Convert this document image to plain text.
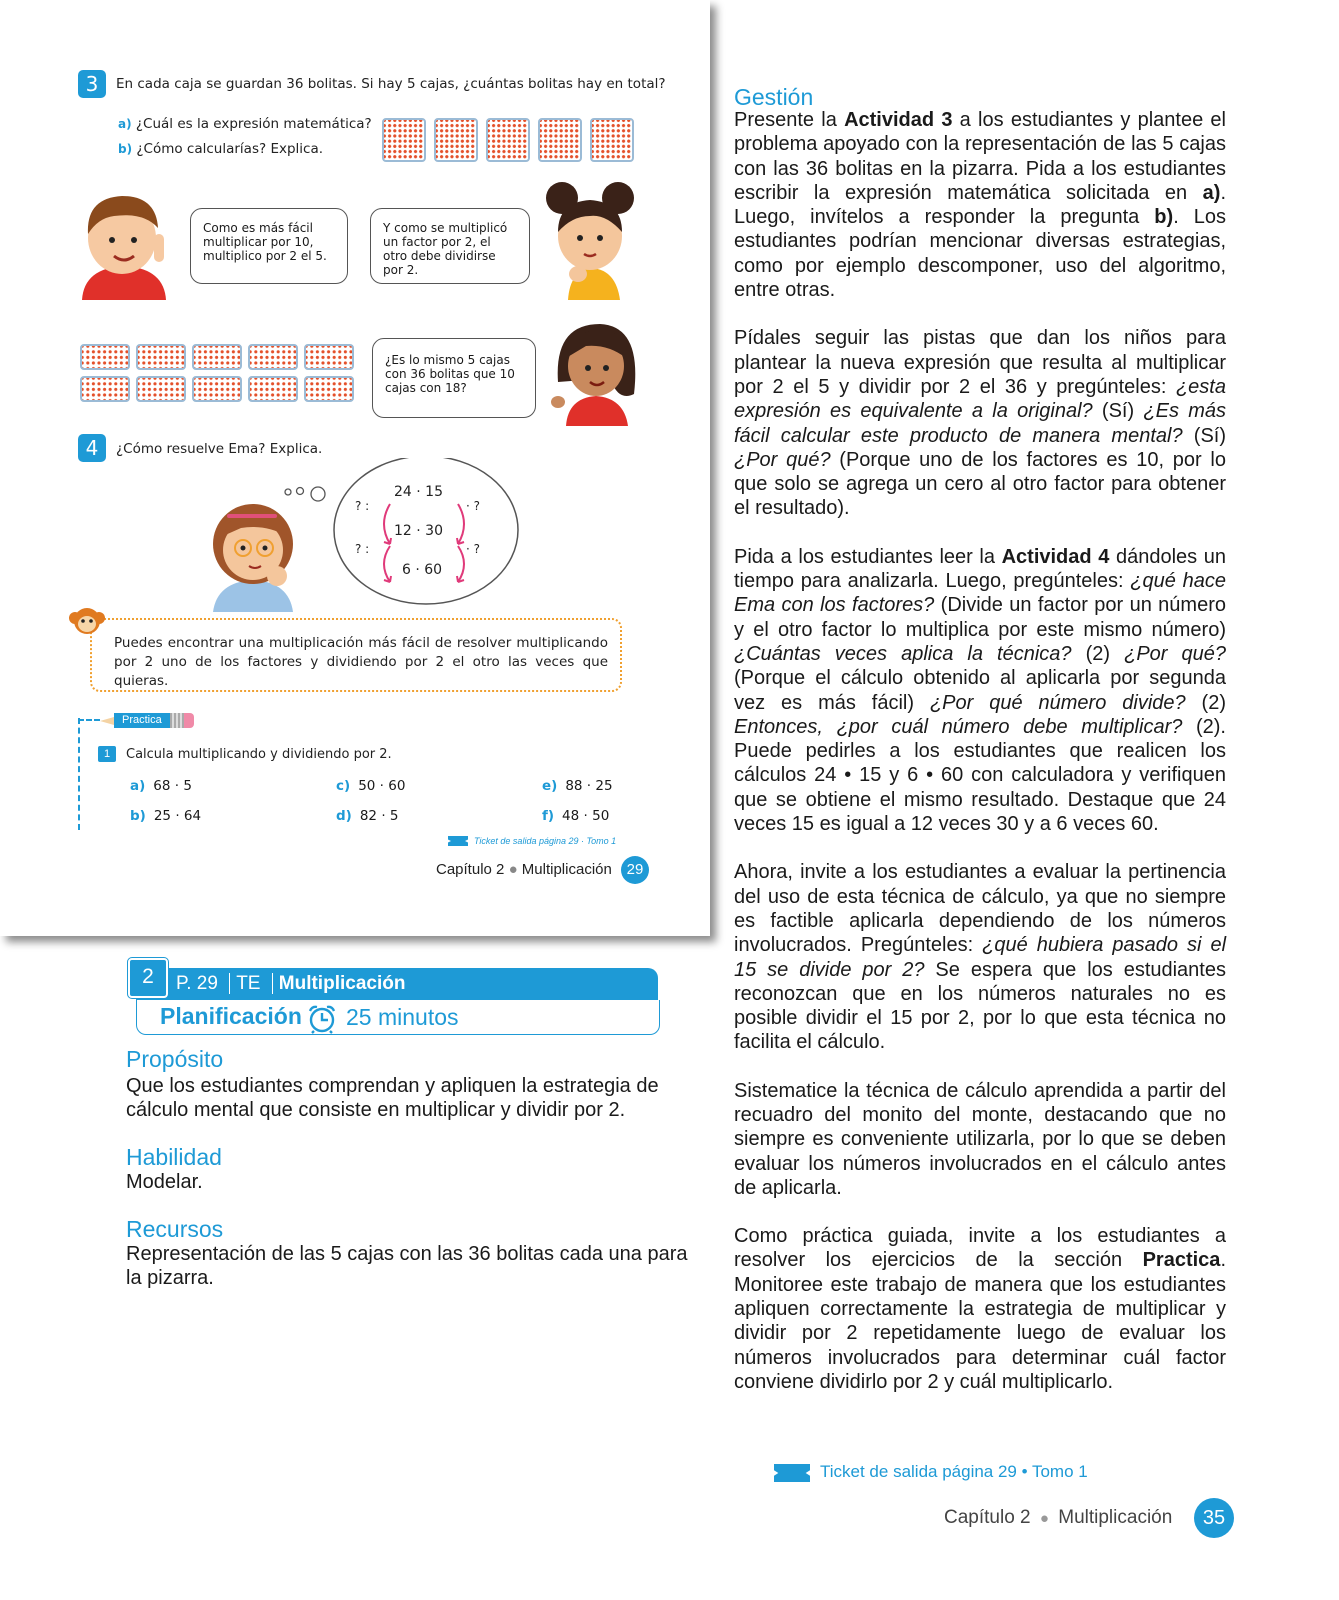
3	En cada caja se guardan 36 bolitas. Si hay 5 cajas, ¿cuántas bolitas hay en total?
a) ¿Cuál es la expresión matemática?
b) ¿Cómo calcularías? Explica.
Como es más fácil multiplicar por 10, multiplico por 2 el 5.
Y como se multiplicó un factor por 2, el otro debe dividirse por 2.
¿Es lo mismo 5 cajas con 36 bolitas que 10 cajas con 18?
4	¿Cómo resuelve Ema? Explica.
24 · 15
12 · 30
6 · 60
? :
? :
· ?
· ?
Puedes encontrar una multiplicación más fácil de resolver multiplicando por 2 uno de los factores y dividiendo por 2 el otro las veces que quieras.
Practica
1	Calcula multiplicando y dividiendo por 2.
a) 68 · 5
b) 25 · 64
c) 50 · 60
d) 82 · 5
e) 88 · 25
f) 48 · 50
Ticket de salida página 29 · Tomo 1
Capítulo 2 ● Multiplicación 29
2	P. 29 TE Multiplicación
Planificación 25 minutos
Propósito
Que los estudiantes comprendan y apliquen la estrategia de cálculo mental que consiste en multiplicar y dividir por 2.
Habilidad
Modelar.
Recursos
Representación de las 5 cajas con las 36 bolitas cada una para la pizarra.
Gestión

Presente la Actividad 3 a los estudiantes y plantee el problema apoyado con la representación de las 5 cajas con las 36 bolitas en la pizarra. Pida a los estudiantes escribir la expresión matemática solicitada en a). Luego, invítelos a responder la pregunta b). Los estudiantes podrían mencionar diversas estrategias, como por ejemplo descomponer, uso del algoritmo, entre otras.

Pídales seguir las pistas que dan los niños para plantear la nueva expresión que resulta al multiplicar por 2 el 5 y dividir por 2 el 36 y pregúnteles: ¿esta expresión es equivalente a la original? (Sí) ¿Es más fácil calcular este producto de manera mental? (Sí) ¿Por qué? (Porque uno de los factores es 10, por lo que solo se agrega un cero al otro factor para obtener el resultado).

Pida a los estudiantes leer la Actividad 4 dándoles un tiempo para analizarla. Luego, pregúnteles: ¿qué hace Ema con los factores? (Divide un factor por un número y el otro factor lo multiplica por este mismo número) ¿Cuántas veces aplica la técnica? (2) ¿Por qué? (Porque el cálculo obtenido al aplicarla por segunda vez es más fácil) ¿Por qué número divide? (2) Entonces, ¿por cuál número debe multiplicar? (2). Puede pedirles a los estudiantes que realicen los cálculos 24 • 15 y 6 • 60 con calculadora y verifiquen que se obtiene el mismo resultado. Destaque que 24 veces 15 es igual a 12 veces 30 y a 6 veces 60.

Ahora, invite a los estudiantes a evaluar la pertinencia del uso de esta técnica de cálculo, ya que no siempre es factible aplicarla dependiendo de los números involucrados. Pregúnteles: ¿qué hubiera pasado si el 15 se divide por 2? Se espera que los estudiantes reconozcan que en los números naturales no es posible dividir el 15 por 2, por lo que esta técnica no facilita el cálculo.

Sistematice la técnica de cálculo aprendida a partir del recuadro del monito del monte, destacando que no siempre es conveniente utilizarla, por lo que se deben evaluar los números involucrados en el cálculo antes de aplicarla.

Como práctica guiada, invite a los estudiantes a resolver los ejercicios de la sección Practica. Monitoree este trabajo de manera que los estudiantes apliquen correctamente la estrategia de multiplicar y dividir por 2 repetidamente luego de evaluar los números involucrados para determinar cuál factor conviene dividirlo por 2 y cuál multiplicarlo.

Ticket de salida página 29 • Tomo 1
Capítulo 2 ● Multiplicación	35
